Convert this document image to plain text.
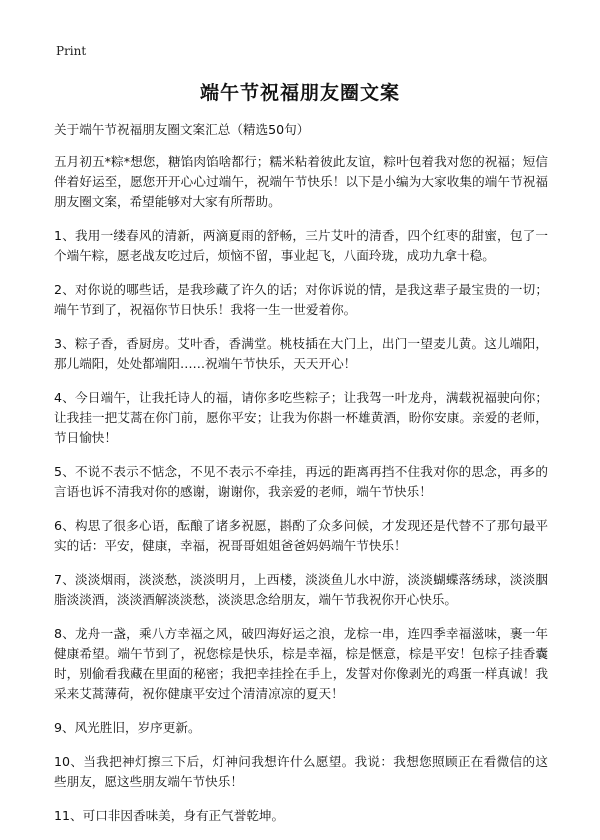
Print
端午节祝福朋友圈文案

关于端午节祝福朋友圈文案汇总（精选50句）

五月初五*粽*想您，糖馅肉馅啥都行；糯米粘着彼此友谊，粽叶包着我对您的祝福；短信伴着好运至，愿您开开心心过端午，祝端午节快乐！以下是小编为大家收集的端午节祝福朋友圈文案，希望能够对大家有所帮助。

1、我用一缕春风的清新，两滴夏雨的舒畅，三片艾叶的清香，四个红枣的甜蜜，包了一个端午粽，愿老战友吃过后，烦恼不留，事业起飞，八面玲珑，成功九拿十稳。

2、对你说的哪些话，是我珍藏了许久的话；对你诉说的情，是我这辈子最宝贵的一切；端午节到了，祝福你节日快乐！我将一生一世爱着你。

3、粽子香，香厨房。艾叶香，香满堂。桃枝插在大门上，出门一望麦儿黄。这儿端阳，那儿端阳，处处都端阳……祝端午节快乐，天天开心！

4、今日端午，让我托诗人的福，请你多吃些粽子；让我驾一叶龙舟，满载祝福驶向你；让我挂一把艾蒿在你门前，愿你平安；让我为你斟一杯雄黄酒，盼你安康。亲爱的老师，节日愉快！

5、不说不表示不惦念，不见不表示不牵挂，再远的距离再挡不住我对你的思念，再多的言语也诉不清我对你的感谢，谢谢你，我亲爱的老师，端午节快乐！

6、构思了很多心语，酝酿了诸多祝愿，斟酌了众多问候，才发现还是代替不了那句最平实的话：平安，健康，幸福，祝哥哥姐姐爸爸妈妈端午节快乐！

7、淡淡烟雨，淡淡愁，淡淡明月，上西楼，淡淡鱼儿水中游，淡淡蝴蝶落绣球，淡淡胭脂淡淡酒，淡淡酒解淡淡愁，淡淡思念给朋友，端午节我祝你开心快乐。

8、龙舟一盏，乘八方幸福之风，破四海好运之浪，龙棕一串，连四季幸福滋味，裹一年健康希望。端午节到了，祝您棕是快乐，棕是幸福，棕是惬意，棕是平安！包棕子挂香囊时，别偷看我藏在里面的秘密；我把幸挂拴在手上，发誓对你像剥光的鸡蛋一样真诚！我采来艾蒿薄荷，祝你健康平安过个清清凉凉的夏天！

9、风光胜旧，岁序更新。

10、当我把神灯擦三下后，灯神问我想许什么愿望。我说：我想您照顾正在看微信的这些朋友，愿这些朋友端午节快乐！

11、可口非因香味美，身有正气誉乾坤。
